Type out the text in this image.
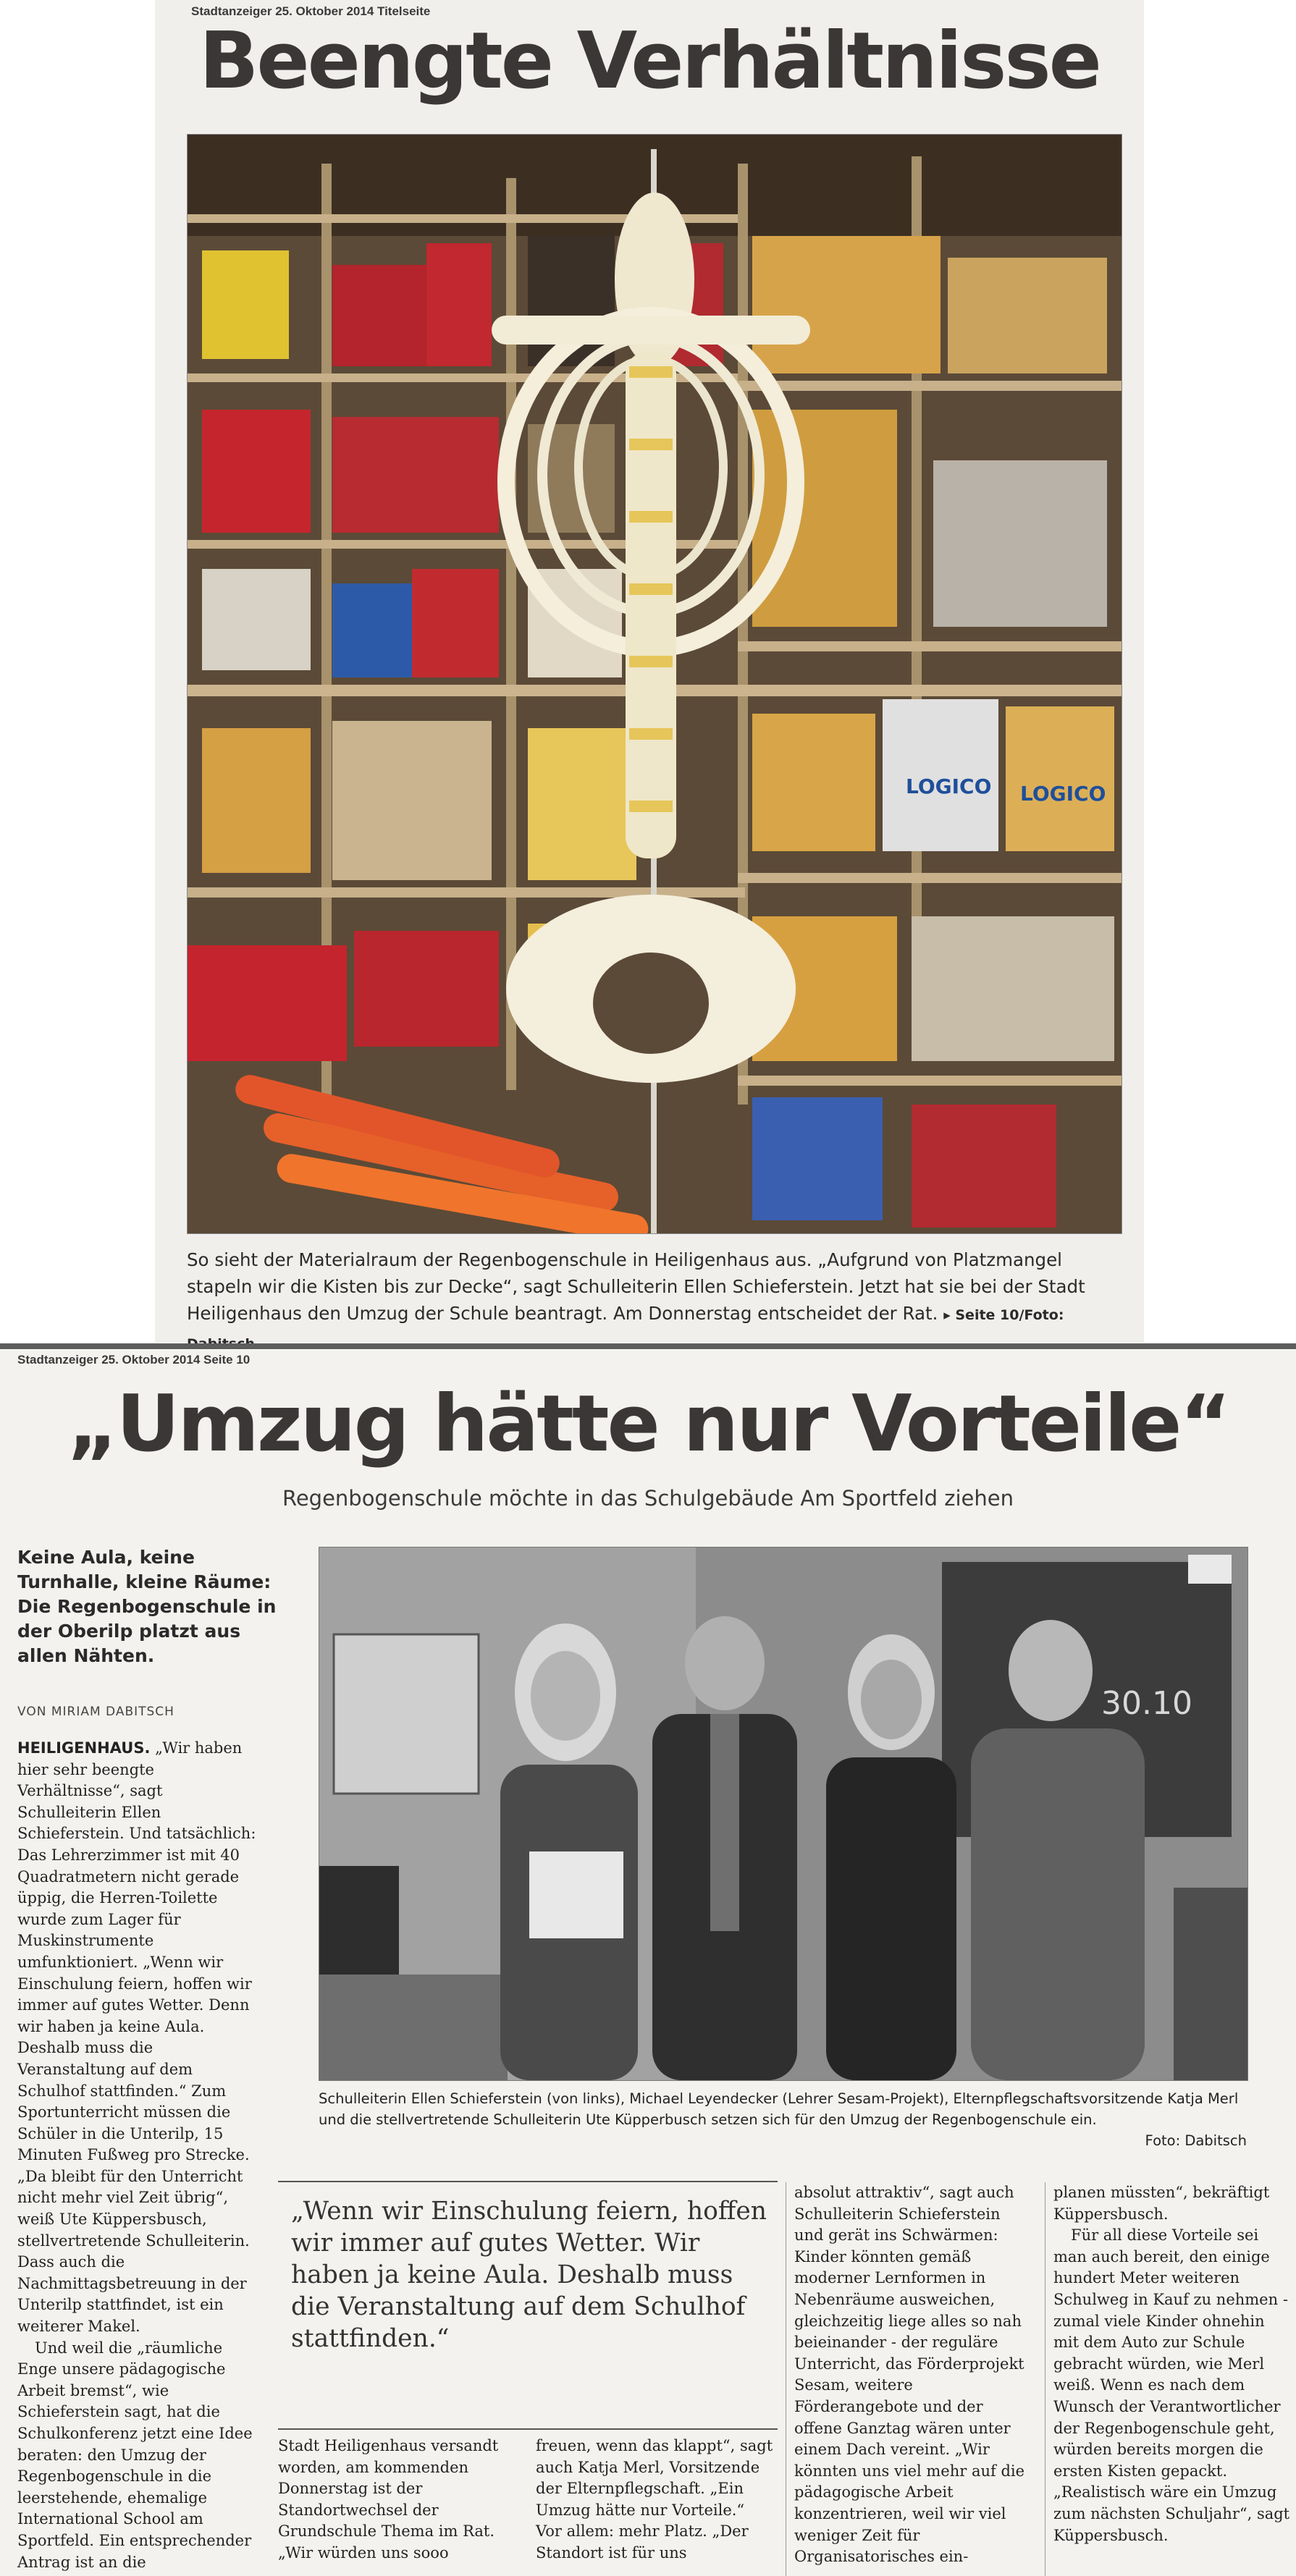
Stadtanzeiger 25. Oktober 2014 Titelseite
Beengte Verhältnisse
LOGICO LOGICO
So sieht der Materialraum der Regenbogenschule in Heiligenhaus aus. „Aufgrund von Platzmangel stapeln wir die Kisten bis zur Decke“, sagt Schulleiterin Ellen Schieferstein. Jetzt hat sie bei der Stadt Heiligenhaus den Umzug der Schule beantragt. Am Donnerstag entscheidet der Rat. ▸ Seite 10/Foto:
Stadtanzeiger 25. Oktober 2014 Seite 10
„Umzug hätte nur Vorteile“
Regenbogenschule möchte in das Schulgebäude Am Sportfeld ziehen
Keine Aula, keine Turnhalle, kleine Räume: Die Regenbogenschule in der Oberilp platzt aus allen Nähten.
VON MIRIAM DABITSCH

HEILIGENHAUS. „Wir haben hier sehr beengte Verhältnisse“, sagt Schulleiterin Ellen Schieferstein. Und tatsächlich: Das Lehrerzimmer ist mit 40 Quadratmetern nicht gerade üppig, die Herren-Toilette wurde zum Lager für Muskinstrumente umfunktioniert. „Wenn wir Einschulung feiern, hoffen wir immer auf gutes Wetter. Denn wir haben ja keine Aula. Deshalb muss die Veranstaltung auf dem Schulhof stattfinden.“ Zum Sportunterricht müssen die Schüler in die Unterilp, 15 Minuten Fußweg pro Strecke. „Da bleibt für den Unterricht nicht mehr viel Zeit übrig“, weiß Ute Küppersbusch, stellvertretende Schulleiterin. Dass auch die Nachmittagsbetreuung in der Unterilp stattfindet, ist ein weiterer Makel.

Und weil die „räumliche Enge unsere pädagogische Arbeit bremst“, wie Schieferstein sagt, hat die Schulkonferenz jetzt eine Idee beraten: den Umzug der Regenbogenschule in die leerstehende, ehemalige International School am Sportfeld. Ein entsprechender Antrag ist an die

30.10
Schulleiterin Ellen Schieferstein (von links), Michael Leyendecker (Lehrer Sesam-Projekt), Elternpflegschaftsvorsitzende Katja Merl und die stellvertretende Schulleiterin Ute Küpperbusch setzen sich für den Umzug der Regenbogenschule ein.
Foto: Dabitsch
„Wenn wir Einschulung feiern, hoffen wir immer auf gutes Wetter. Wir haben ja keine Aula. Deshalb muss die Veranstaltung auf dem Schulhof stattfinden.“

Stadt Heiligenhaus versandt worden, am kommenden Donnerstag ist der Standortwechsel der Grundschule Thema im Rat. „Wir würden uns sooo

freuen, wenn das klappt“, sagt auch Katja Merl, Vorsitzende der Elternpflegschaft. „Ein Umzug hätte nur Vorteile.“ Vor allem: mehr Platz. „Der Standort ist für uns

absolut attraktiv“, sagt auch Schulleiterin Schieferstein und gerät ins Schwärmen: Kinder könnten gemäß moderner Lernformen in Nebenräume ausweichen, gleichzeitig liege alles so nah beieinander - der reguläre Unterricht, das Förderprojekt Sesam, weitere Förderangebote und der offene Ganztag wären unter einem Dach vereint. „Wir könnten uns viel mehr auf die pädagogische Arbeit konzentrieren, weil wir viel weniger Zeit für Organisatorisches ein-

planen müssten“, bekräftigt Küppersbusch.

Für all diese Vorteile sei man auch bereit, den einige hundert Meter weiteren Schulweg in Kauf zu nehmen - zumal viele Kinder ohnehin mit dem Auto zur Schule gebracht würden, wie Merl weiß. Wenn es nach dem Wunsch der Verantwortlicher der Regenbogenschule geht, würden bereits morgen die ersten Kisten gepackt. „Realistisch wäre ein Umzug zum nächsten Schuljahr“, sagt Küppersbusch.
